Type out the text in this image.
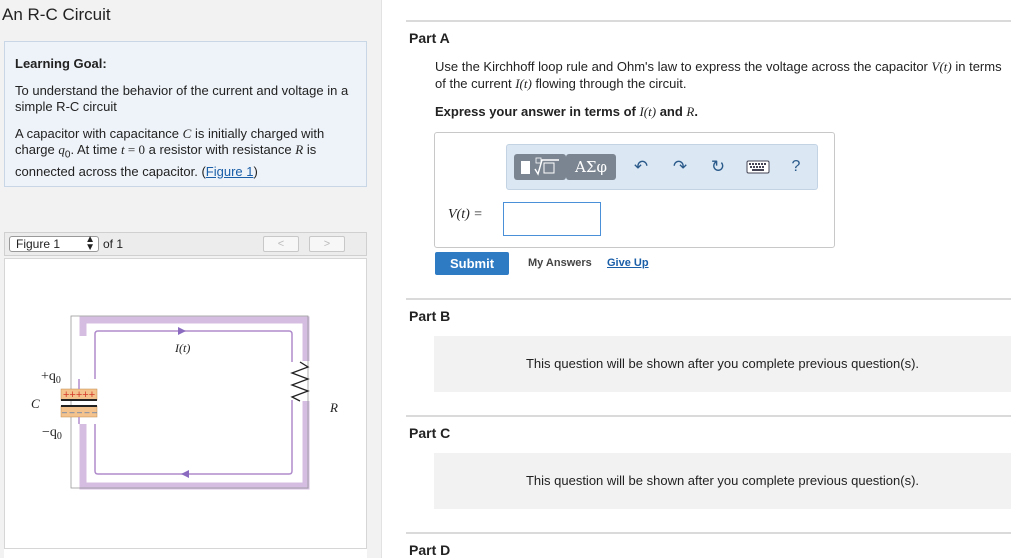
An R-C Circuit
Learning Goal:
To understand the behavior of the current and voltage in a simple R-C circuit
A capacitor with capacitance C is initially charged with charge $q_0$. At time t = 0 a resistor with resistance R is connected across the capacitor. (Figure 1)
Figure 1	▲
▼ of 1	<	>
I(t)
+++++
– – – – –
$+q_0$
C
$-q_0$
R
Part A
Use the Kirchhoff loop rule and Ohm's law to express the voltage across the capacitor V(t) in terms of the current I(t) flowing through the circuit.
Express your answer in terms of I(t) and R.
ΑΣφ	↶ ↷ ↻	?
V(t) =
Submit	My Answers Give Up
Part B
This question will be shown after you complete previous question(s).
Part C
This question will be shown after you complete previous question(s).
Part D
